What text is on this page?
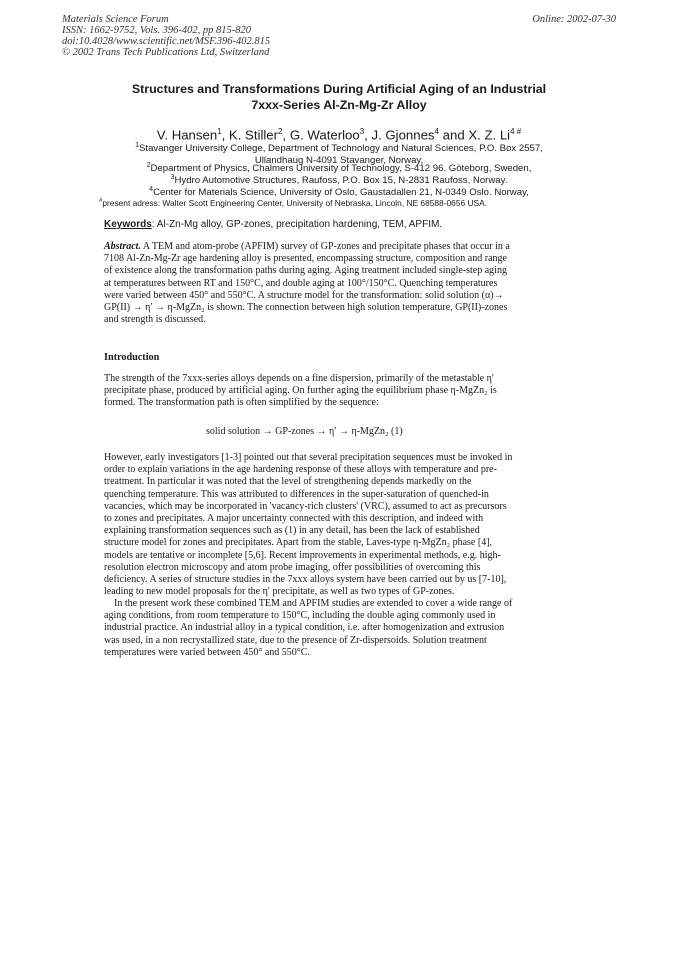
Materials Science Forum
ISSN: 1662-9752, Vols. 396-402, pp 815-820
doi:10.4028/www.scientific.net/MSF.396-402.815
© 2002 Trans Tech Publications Ltd, Switzerland
Online: 2002-07-30
Structures and Transformations During Artificial Aging of an Industrial
7xxx-Series Al-Zn-Mg-Zr Alloy
V. Hansen$^1$, K. Stiller$^2$, G. Waterloo$^3$, J. Gjonnes$^4$ and X. Z. $Li^{4 \#}$
$^1$Stavanger University College, Department of Technology and Natural Sciences, P.O. Box 2557,
Ullandhaug N-4091 Stavanger, Norway,
$^2$Department of Physics, Chalmers University of Technology, S-412 96. Göteborg, Sweden,
$^3$Hydro Automotive Structures, Raufoss, P.O. Box 15, N-2831 Raufoss, Norway.
$^4$Center for Materials Science, University of Oslo, Gaustadallen 21, N-0349 Oslo. Norway,
#present adress: Walter Scott Engineering Center, University of Nebraska, Lincoln, NE 68588-0656 USA.
Keywords: Al-Zn-Mg alloy, GP-zones, precipitation hardening, TEM, APFIM.
Abstract. A TEM and atom-probe (APFIM) survey of GP-zones and precipitate phases that occur in a
7108 Al-Zn-Mg-Zr age hardening alloy is presented, encompassing structure, composition and range
of existence along the transformation paths during aging. Aging treatment included single-step aging
at temperatures between RT and 150°C, and double aging at 100°/150°C. Quenching temperatures
were varied between 450° and 550°C. A structure model for the transformation: solid solution (α)→
GP(II) → η′ → η-MgZn₂ is shown. The connection between high solution temperature, GP(II)-zones
and strength is discussed.
Introduction
The strength of the 7xxx-series alloys depends on a fine dispersion, primarily of the metastable η′
precipitate phase, produced by artificial aging. On further aging the equilibrium phase η-MgZn₂ is
formed. The transformation path is often simplified by the sequence:
solid solution → GP-zones → η′ → η-MgZn₂ (1)
However, early investigators [1-3] pointed out that several precipitation sequences must be invoked in
order to explain variations in the age hardening response of these alloys with temperature and pre-
treatment. In particular it was noted that the level of strengthening depends markedly on the
quenching temperature. This was attributed to differences in the super-saturation of quenched-in
vacancies, which may be incorporated in 'vacancy-rich clusters' (VRC), assumed to act as precursors
to zones and precipitates. A major uncertainty connected with this description, and indeed with
explaining transformation sequences such as (1) in any detail, has been the lack of established
structure model for zones and precipitates. Apart from the stable, Laves-type η-MgZn₂ phase [4],
models are tentative or incomplete [5,6]. Recent improvements in experimental methods, e.g. high-
resolution electron microscopy and atom probe imaging, offer possibilities of overcoming this
deficiency. A series of structure studies in the 7xxx alloys system have been carried out by us [7-10],
leading to new model proposals for the η′ precipitate, as well as two types of GP-zones.
In the present work these combined TEM and APFIM studies are extended to cover a wide range of
aging conditions, from room temperature to 150°C, including the double aging commonly used in
industrial practice. An industrial alloy in a typical condition, i.e. after homogenization and extrusion
was used, in a non recrystallized state, due to the presence of Zr-dispersoids. Solution treatment
temperatures were varied between 450° and 550°C.
